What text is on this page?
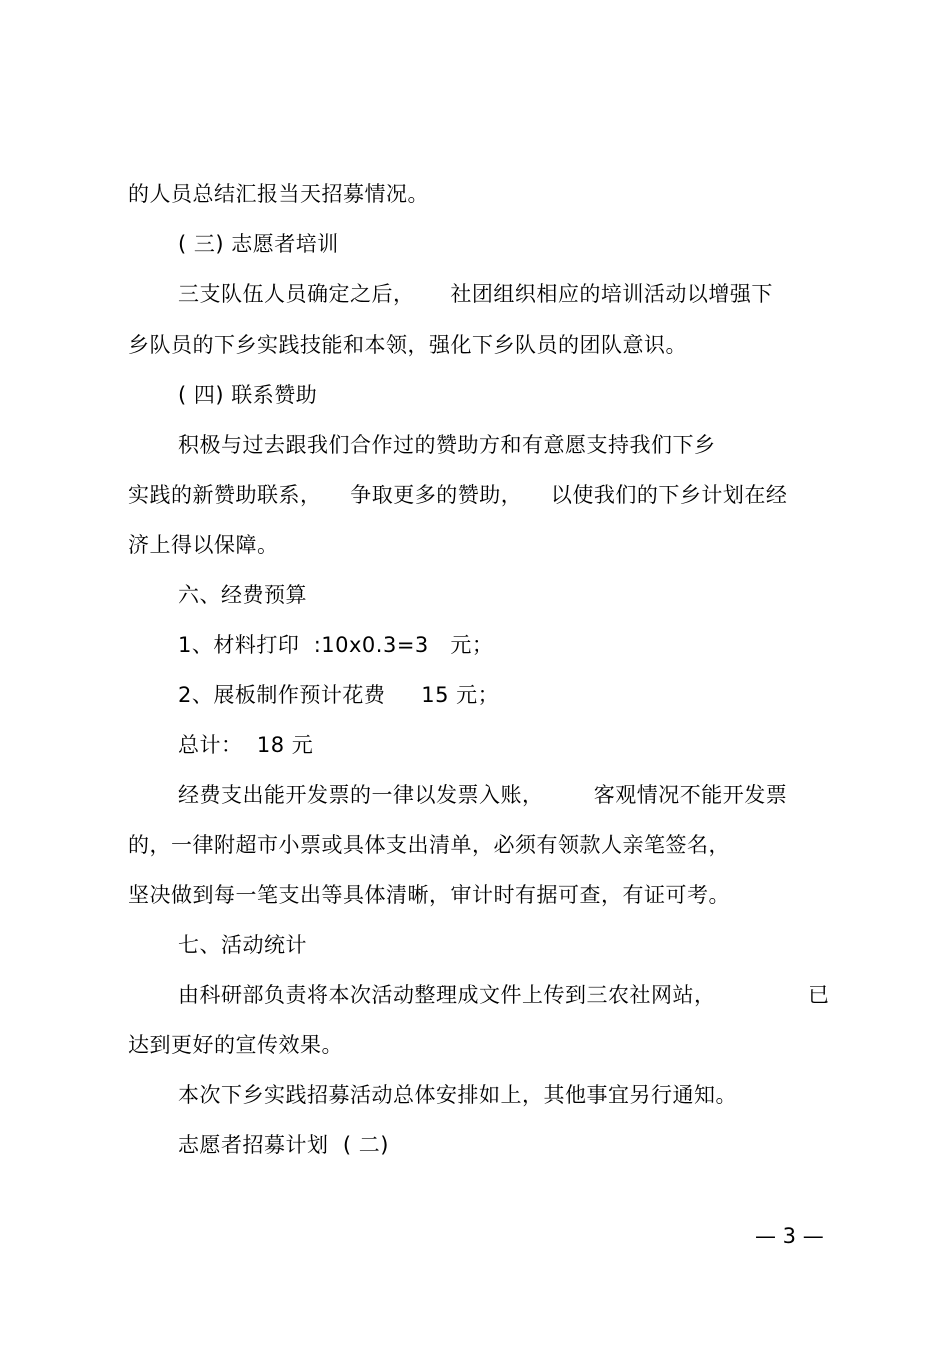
的人员总结汇报当天招募情况。
( 三) 志愿者培训
三支队伍人员确定之后，     社团组织相应的培训活动以增强下
乡队员的下乡实践技能和本领，强化下乡队员的团队意识。
( 四) 联系赞助
积极与过去跟我们合作过的赞助方和有意愿支持我们下乡
实践的新赞助联系，    争取更多的赞助，    以使我们的下乡计划在经
济上得以保障。
六、经费预算
1、材料打印  :10x0.3=3   元；
2、展板制作预计花费     15 元；
总计：  18 元
经费支出能开发票的一律以发票入账，       客观情况不能开发票
的，一律附超市小票或具体支出清单，必须有领款人亲笔签名，
坚决做到每一笔支出等具体清晰，审计时有据可查，有证可考。
七、活动统计
由科研部负责将本次活动整理成文件上传到三农社网站，	已
达到更好的宣传效果。
本次下乡实践招募活动总体安排如上，其他事宜另行通知。
志愿者招募计划  ( 二)
— 3 —
